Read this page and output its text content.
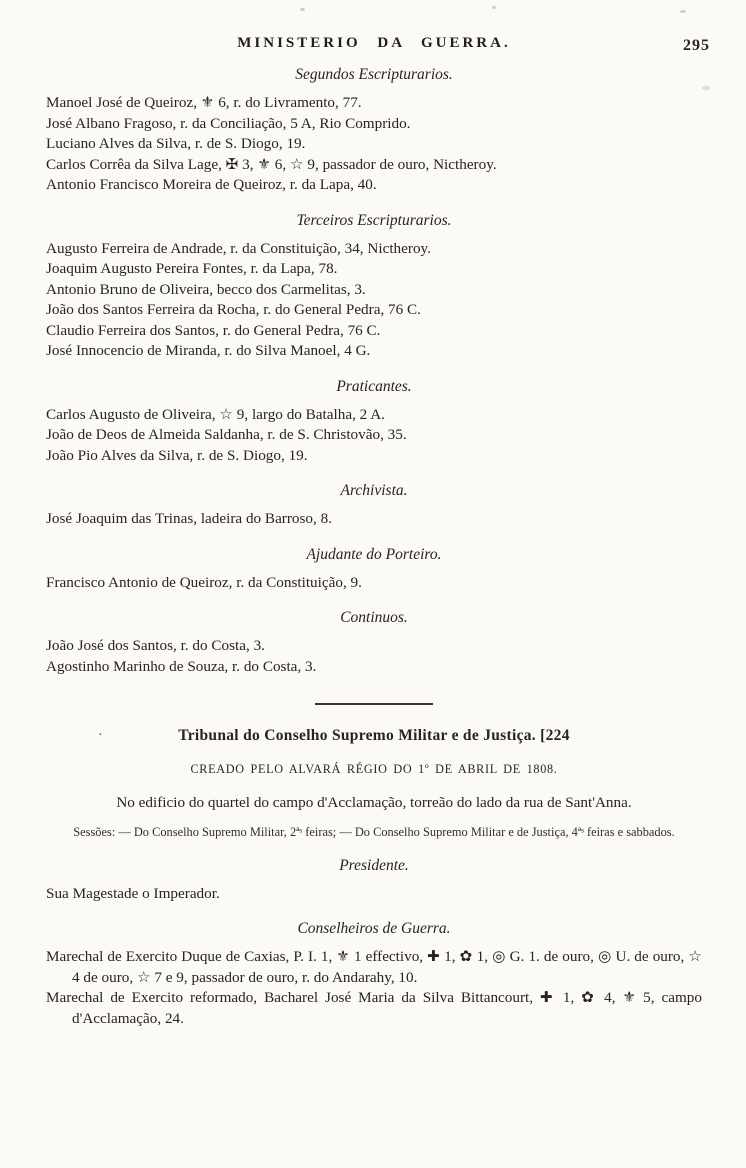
MINISTERIO DA GUERRA.	295
Segundos Escripturarios.

Manoel José de Queiroz, ⚜ 6, r. do Livramento, 77.

José Albano Fragoso, r. da Conciliação, 5 A, Rio Comprido.

Luciano Alves da Silva, r. de S. Diogo, 19.

Carlos Corrêa da Silva Lage, ✠ 3, ⚜ 6, ☆ 9, passador de ouro, Nictheroy.

Antonio Francisco Moreira de Queiroz, r. da Lapa, 40.

Terceiros Escripturarios.

Augusto Ferreira de Andrade, r. da Constituição, 34, Nictheroy.

Joaquim Augusto Pereira Fontes, r. da Lapa, 78.

Antonio Bruno de Oliveira, becco dos Carmelitas, 3.

João dos Santos Ferreira da Rocha, r. do General Pedra, 76 C.

Claudio Ferreira dos Santos, r. do General Pedra, 76 C.

José Innocencio de Miranda, r. do Silva Manoel, 4 G.

Praticantes.

Carlos Augusto de Oliveira, ☆ 9, largo do Batalha, 2 A.

João de Deos de Almeida Saldanha, r. de S. Christovão, 35.

João Pio Alves da Silva, r. de S. Diogo, 19.

Archivista.

José Joaquim das Trinas, ladeira do Barroso, 8.

Ajudante do Porteiro.

Francisco Antonio de Queiroz, r. da Constituição, 9.

Continuos.

João José dos Santos, r. do Costa, 3.

Agostinho Marinho de Souza, r. do Costa, 3.

·	Tribunal do Conselho Supremo Militar e de Justiça. [224
CREADO PELO ALVARÁ RÉGIO DO 1º DE ABRIL DE 1808.
No edificio do quartel do campo d'Acclamação, torreão do lado da rua de Sant'Anna.
Sessões: — Do Conselho Supremo Militar, 2ªˢ feiras; — Do Conselho Supremo Militar e de Justiça, 4ªˢ feiras e sabbados.
Presidente.

Sua Magestade o Imperador.

Conselheiros de Guerra.

Marechal de Exercito Duque de Caxias, P. I. 1, ⚜ 1 effectivo, ✚ 1, ✿ 1, ◎ G. 1. de ouro, ◎ U. de ouro, ☆ 4 de ouro, ☆ 7 e 9, passador de ouro, r. do Andarahy, 10.

Marechal de Exercito reformado, Bacharel José Maria da Silva Bittancourt, ✚ 1, ✿ 4, ⚜ 5, campo d'Acclamação, 24.
